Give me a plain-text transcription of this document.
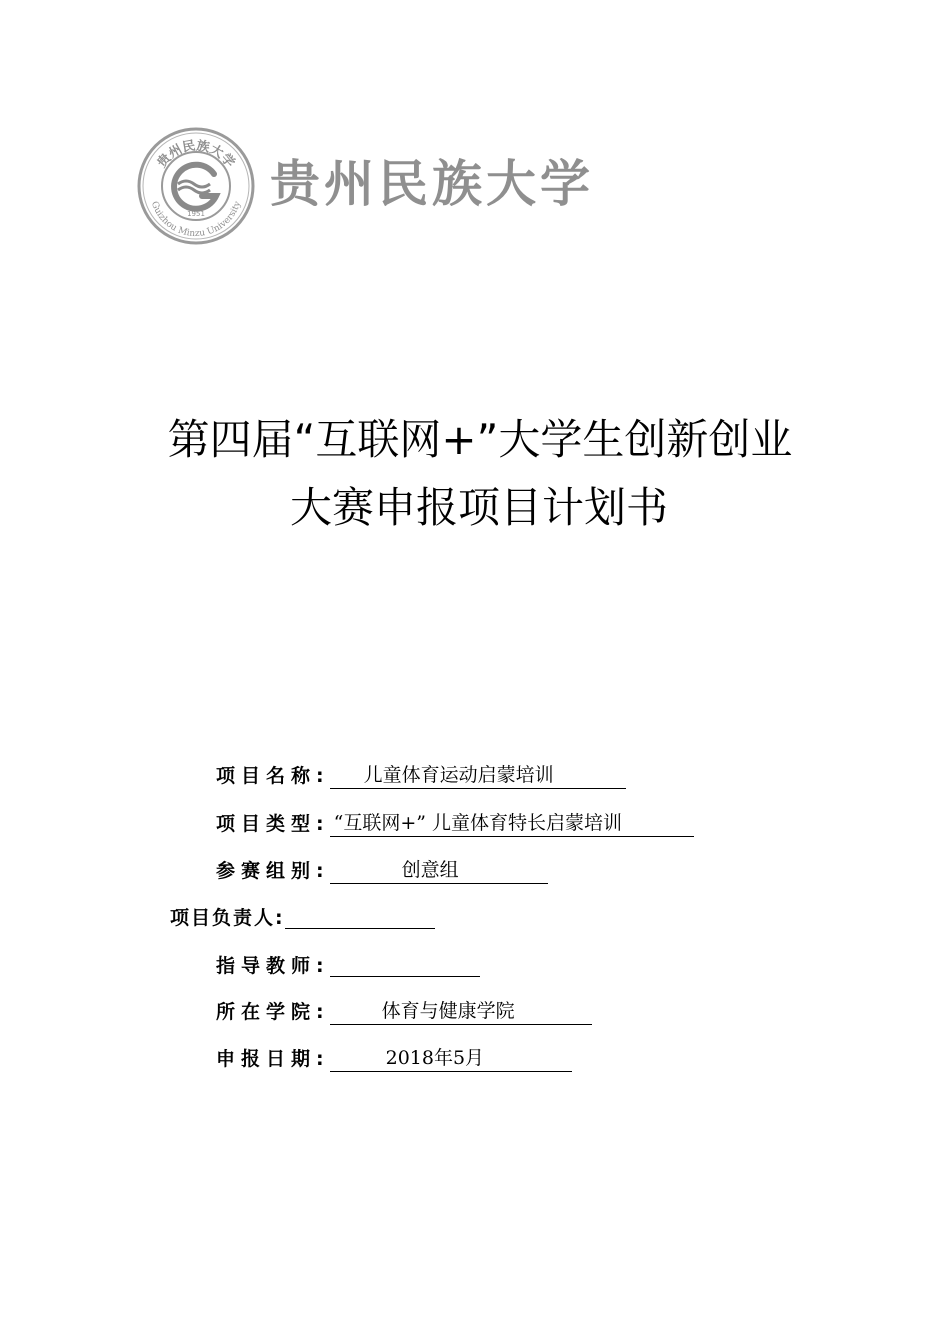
贵州民族大学
Guizhou Minzu University
1951
贵州民族大学
第四届“互联网+”大学生创新创业
大赛申报项目计划书
项目名称: 儿童体育运动启蒙培训
项目类型: “互联网+” 儿童体育特长启蒙培训
参赛组别:	创意组
项目负责人:
指导教师:
所在学院:	体育与健康学院
申报日期:	2018年5月
